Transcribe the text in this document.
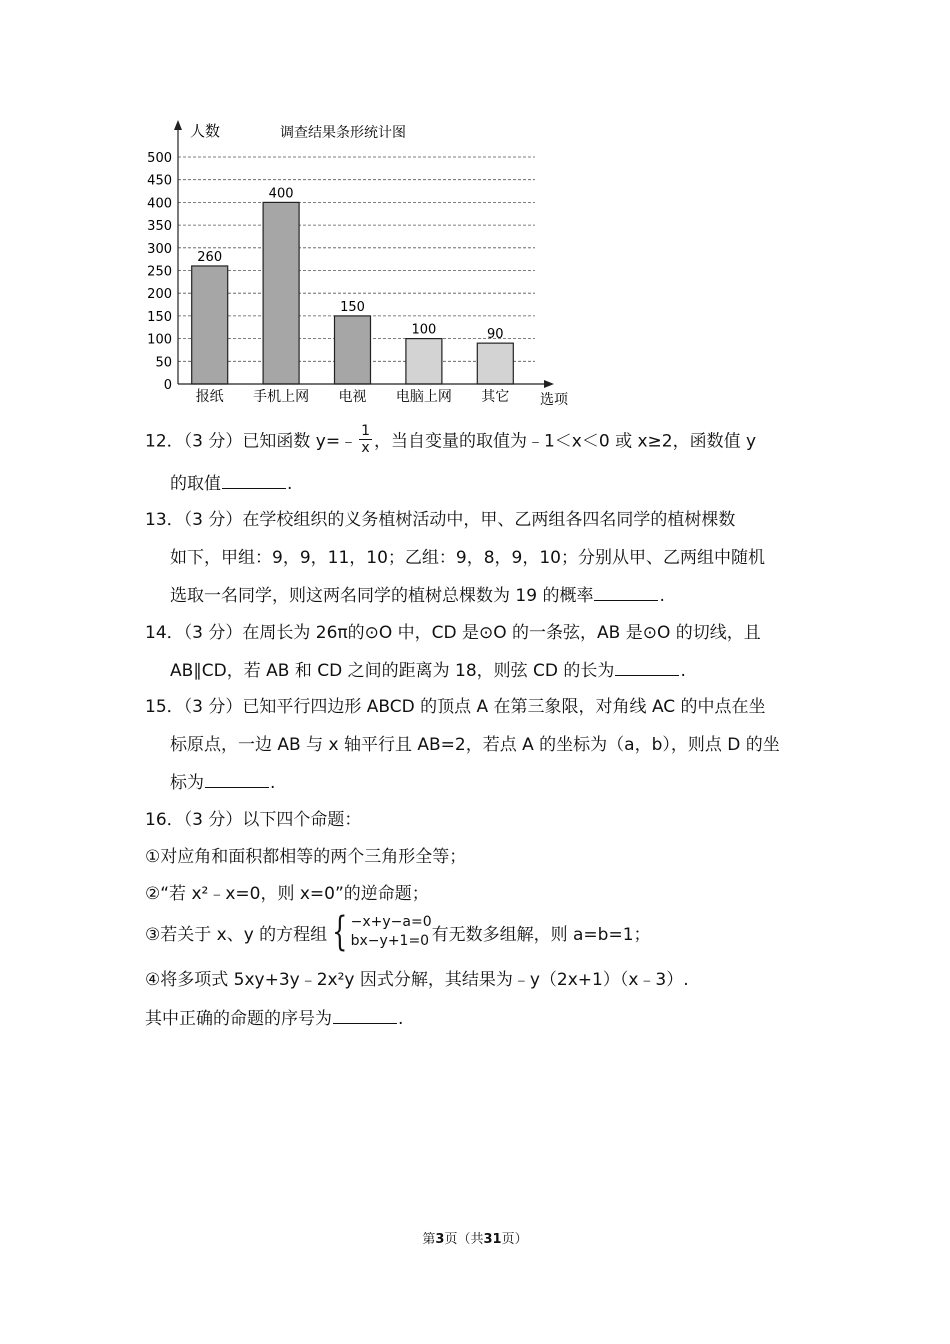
0
50
100
150
200
250
300
350
400
450
500
260
报纸
400
手机上网
150
电视
100
电脑上网
90
其它
人数	调查结果条形统计图
选项
12．（3 分）已知函数 y=﹣ $\frac{1}{x}$ ，当自变量的取值为﹣1＜x＜0 或 x≥2，函数值 y
的取值	.
13．（3 分）在学校组织的义务植树活动中，甲、乙两组各四名同学的植树棵数
如下，甲组：9，9，11，10；乙组：9，8，9，10；分别从甲、乙两组中随机
选取一名同学，则这两名同学的植树总棵数为 19 的概率	.
14．（3 分）在周长为 26π的⊙O 中，CD 是⊙O 的一条弦，AB 是⊙O 的切线，且
AB∥CD，若 AB 和 CD 之间的距离为 18，则弦 CD 的长为	.
15．（3 分）已知平行四边形 ABCD 的顶点 A 在第三象限，对角线 AC 的中点在坐
标原点，一边 AB 与 x 轴平行且 AB=2，若点 A 的坐标为（a，b），则点 D 的坐
标为	.
16．（3 分）以下四个命题：
①对应角和面积都相等的两个三角形全等；
②“若 x²﹣x=0，则 x=0”的逆命题；
③若关于 x、y 的方程组 { −x+y−a=0
bx−y+1=0 有无数多组解，则 a=b=1；
④将多项式 5xy+3y﹣2x²y 因式分解，其结果为﹣y（2x+1）（x﹣3）.
其中正确的命题的序号为	.
第3页（共31页）
